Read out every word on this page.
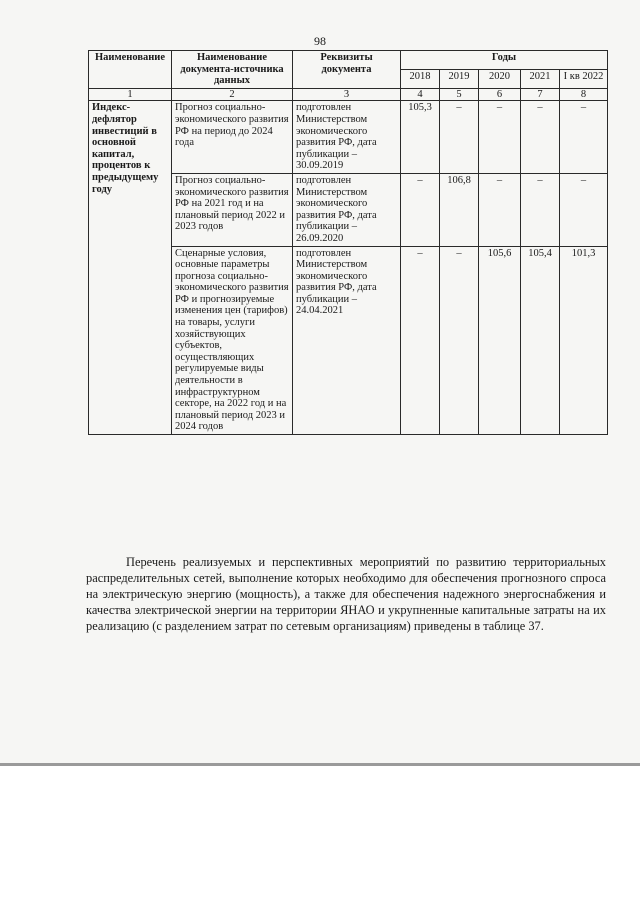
98
Наименование	Наименование документа-источника данных	Реквизиты документа	Годы				
			2018	2019	2020	2021	I кв 2022
1	2	3	4	5	6	7	8
Индекс-дефлятор инвестиций в основной капитал, процентов к предыдущему году	Прогноз социально-экономического развития РФ на период до 2024 года	подготовлен Министерством экономического развития РФ, дата публикации – 30.09.2019	105,3	–	–	–	–
	Прогноз социально-экономического развития РФ на 2021 год и на плановый период 2022 и 2023 годов	подготовлен Министерством экономического развития РФ, дата публикации – 26.09.2020	–	106,8	–	–	–
	Сценарные условия, основные параметры прогноза социально-экономического развития РФ и прогнозируемые изменения цен (тарифов) на товары, услуги хозяйствующих субъектов, осуществляющих регулируемые виды деятельности в инфраструктурном секторе, на 2022 год и на плановый период 2023 и 2024 годов	подготовлен Министерством экономического развития РФ, дата публикации – 24.04.2021	–	–	105,6	105,4	101,3

Перечень реализуемых и перспективных мероприятий по развитию территориальных распределительных сетей, выполнение которых необходимо для обеспечения прогнозного спроса на электрическую энергию (мощность), а также для обеспечения надежного энергоснабжения и качества электрической энергии на территории ЯНАО и укрупненные капитальные затраты на их реализацию (с разделением затрат по сетевым организациям) приведены в таблице 37.
